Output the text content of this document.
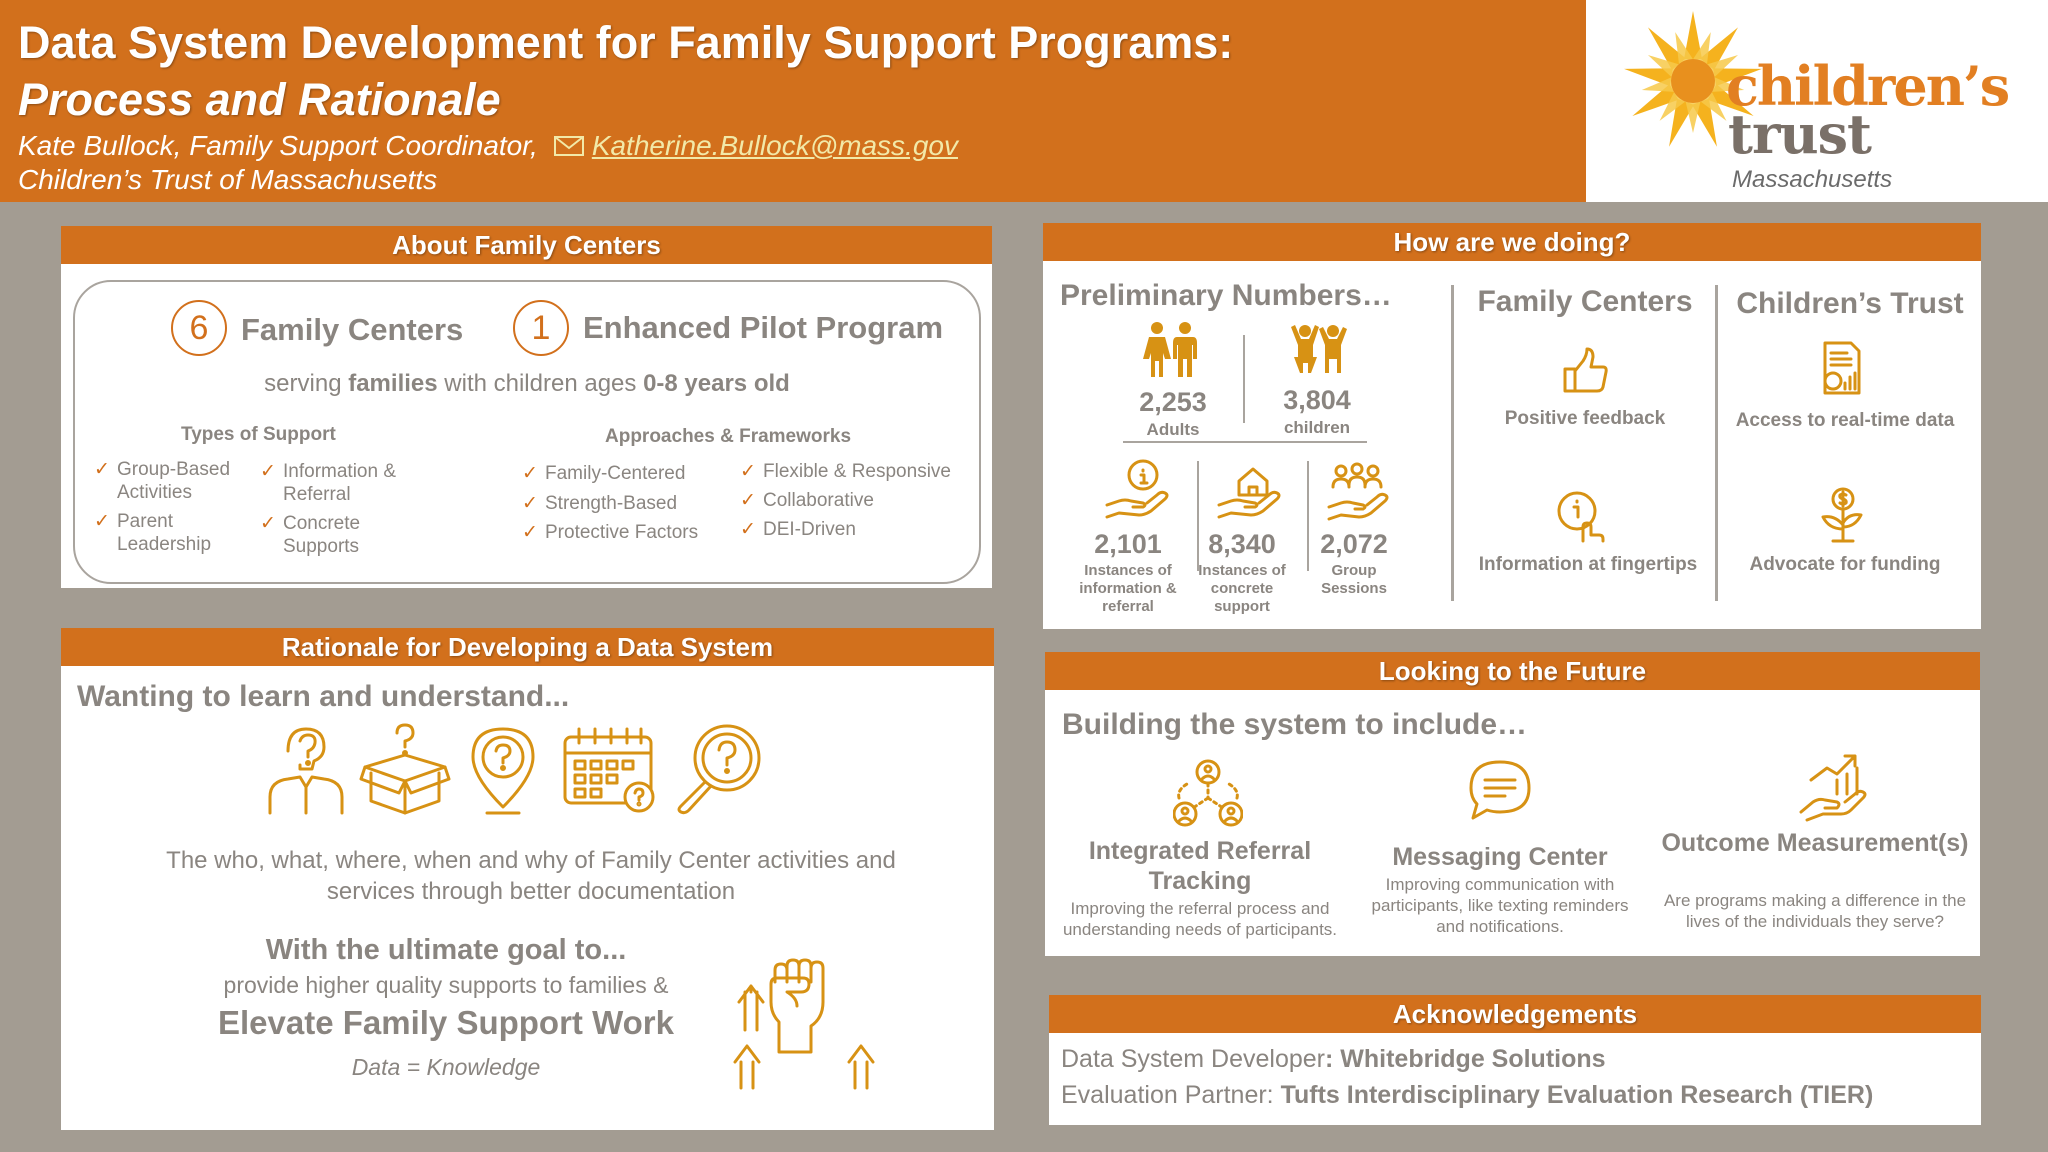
Data System Development for Family Support Programs:
Process and Rationale
Kate Bullock, Family Support Coordinator, Katherine.Bullock@mass.gov
Children’s Trust of Massachusetts
children’s
trust
Massachusetts
About Family Centers
6	Family Centers	1	Enhanced Pilot Program
serving families with children ages 0-8 years old
Types of Support
✓ Group-Based
Activities
✓ Information &
Referral
✓ Parent
Leadership
✓ Concrete
Supports
Approaches & Frameworks
✓ Family-Centered	✓ Flexible & Responsive
✓ Strength-Based	✓ Collaborative
✓ Protective Factors ✓ DEI-Driven
Rationale for Developing a Data System
Wanting to learn and understand...
The who, what, where, when and why of Family Center activities and services through better documentation
With the ultimate goal to...
provide higher quality supports to families &
Elevate Family Support Work
Data = Knowledge
How are we doing?
Preliminary Numbers…
2,253
Adults
3,804
children
2,101
Instances of information & referral
8,340
Instances of concrete support
2,072
Group Sessions
Family Centers
Positive feedback
Information at fingertips
Children’s Trust
Access to real-time data
Advocate for funding
Looking to the Future
Building the system to include…
Integrated Referral Tracking
Improving the referral process and understanding needs of participants.
Messaging Center
Improving communication with participants, like texting reminders and notifications.
Outcome Measurement(s)
Are programs making a difference in the lives of the individuals they serve?
Acknowledgements
Data System Developer: Whitebridge Solutions
Evaluation Partner: Tufts Interdisciplinary Evaluation Research (TIER)
